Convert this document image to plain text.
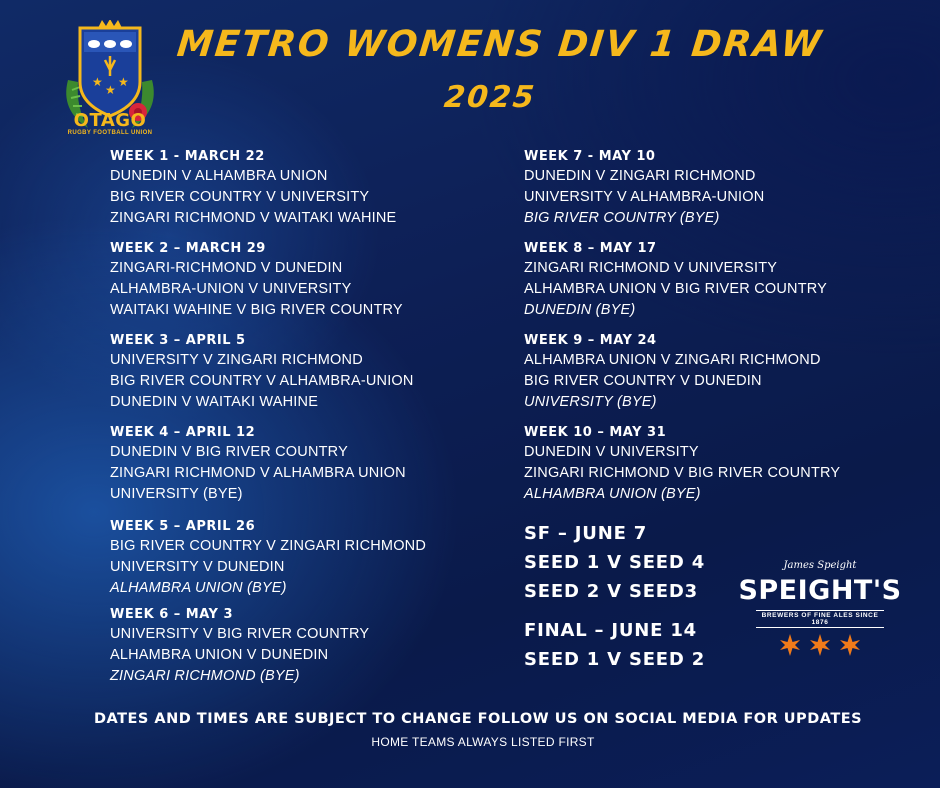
METRO WOMENS DIV 1 DRAW
2025
★
★
★
OTAGO
RUGBY FOOTBALL UNION
WEEK 1 - MARCH 22
DUNEDIN V ALHAMBRA UNION
BIG RIVER COUNTRY V UNIVERSITY
ZINGARI RICHMOND V WAITAKI WAHINE
WEEK 2 – MARCH 29
ZINGARI-RICHMOND V DUNEDIN
ALHAMBRA-UNION V UNIVERSITY
WAITAKI WAHINE V BIG RIVER COUNTRY
WEEK 3 – APRIL 5
UNIVERSITY V ZINGARI RICHMOND
BIG RIVER COUNTRY V ALHAMBRA-UNION
DUNEDIN V WAITAKI WAHINE
WEEK 4 – APRIL 12
DUNEDIN V BIG RIVER COUNTRY
ZINGARI RICHMOND V ALHAMBRA UNION
UNIVERSITY (BYE)
WEEK 5 – APRIL 26
BIG RIVER COUNTRY V ZINGARI RICHMOND
UNIVERSITY V DUNEDIN
ALHAMBRA UNION (BYE)
WEEK 6 – MAY 3
UNIVERSITY V BIG RIVER COUNTRY
ALHAMBRA UNION V DUNEDIN
ZINGARI RICHMOND (BYE)
WEEK 7 - MAY 10
DUNEDIN V ZINGARI RICHMOND
UNIVERSITY V ALHAMBRA-UNION
BIG RIVER COUNTRY (BYE)
WEEK 8 – MAY 17
ZINGARI RICHMOND V UNIVERSITY
ALHAMBRA UNION V BIG RIVER COUNTRY
DUNEDIN (BYE)
WEEK 9 – MAY 24
ALHAMBRA UNION V ZINGARI RICHMOND
BIG RIVER COUNTRY V DUNEDIN
UNIVERSITY (BYE)
WEEK 10 – MAY 31
DUNEDIN V UNIVERSITY
ZINGARI RICHMOND V BIG RIVER COUNTRY
ALHAMBRA UNION (BYE)
SF – JUNE 7
SEED 1 V SEED 4
SEED 2 V SEED3
FINAL – JUNE 14
SEED 1 V SEED 2
James Speight
SPEIGHT'S
BREWERS OF FINE ALES SINCE 1876
DATES AND TIMES ARE SUBJECT TO CHANGE FOLLOW US ON SOCIAL MEDIA FOR UPDATES
HOME TEAMS ALWAYS LISTED FIRST
